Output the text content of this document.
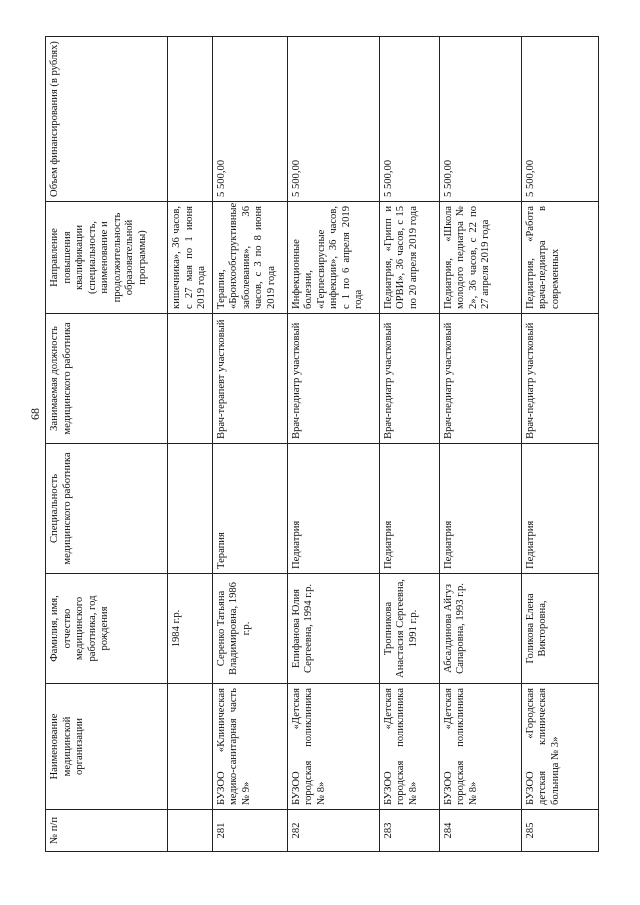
68
№ п/п	Наименование медицинской организации	Фамилия, имя, отчество медицинского работника, год рождения	Специальность медицинского работника	Занимаемая должность медицинского работника	Направление повышения квалификации (специальность, наименование и продолжительность образовательной программы)	Объем финансирования (в рублях)
		1984 г.р.			кишечника», 36 часов, с 27 мая по 1 июня 2019 года	
281	БУЗОО «Клиническая медико-санитарная часть № 9»	Серенко Татьяна Владимировна, 1986 г.р.	Терапия	Врач-терапевт участковый	Терапия, «Бронхообструктивные заболевания», 36 часов, с 3 по 8 июня 2019 года	5 500,00
282	БУЗОО «Детская городская поликлиника № 8»	Епифанова Юлия Сергеевна, 1994 г.р.	Педиатрия	Врач-педиатр участковый	Инфекционные болезни, «Герпесвирусные инфекции», 36 часов, с 1 по 6 апреля 2019 года	5 500,00
283	БУЗОО «Детская городская поликлиника № 8»	Тропникова Анастасия Сергеевна, 1991 г.р.	Педиатрия	Врач-педиатр участковый	Педиатрия, «Грипп и ОРВИ», 36 часов, с 15 по 20 апреля 2019 года	5 500,00
284	БУЗОО «Детская городская поликлиника № 8»	Абсалдинова Айгуз Сапаровна, 1993 г.р.	Педиатрия	Врач-педиатр участковый	Педиатрия, «Школа молодого педиатра № 2», 36 часов, с 22 по 27 апреля 2019 года	5 500,00
285	БУЗОО «Городская детская клиническая больница № 3»	Голикова Елена Викторовна,	Педиатрия	Врач-педиатр участковый	Педиатрия, «Работа врача-педиатра в современных	5 500,00
